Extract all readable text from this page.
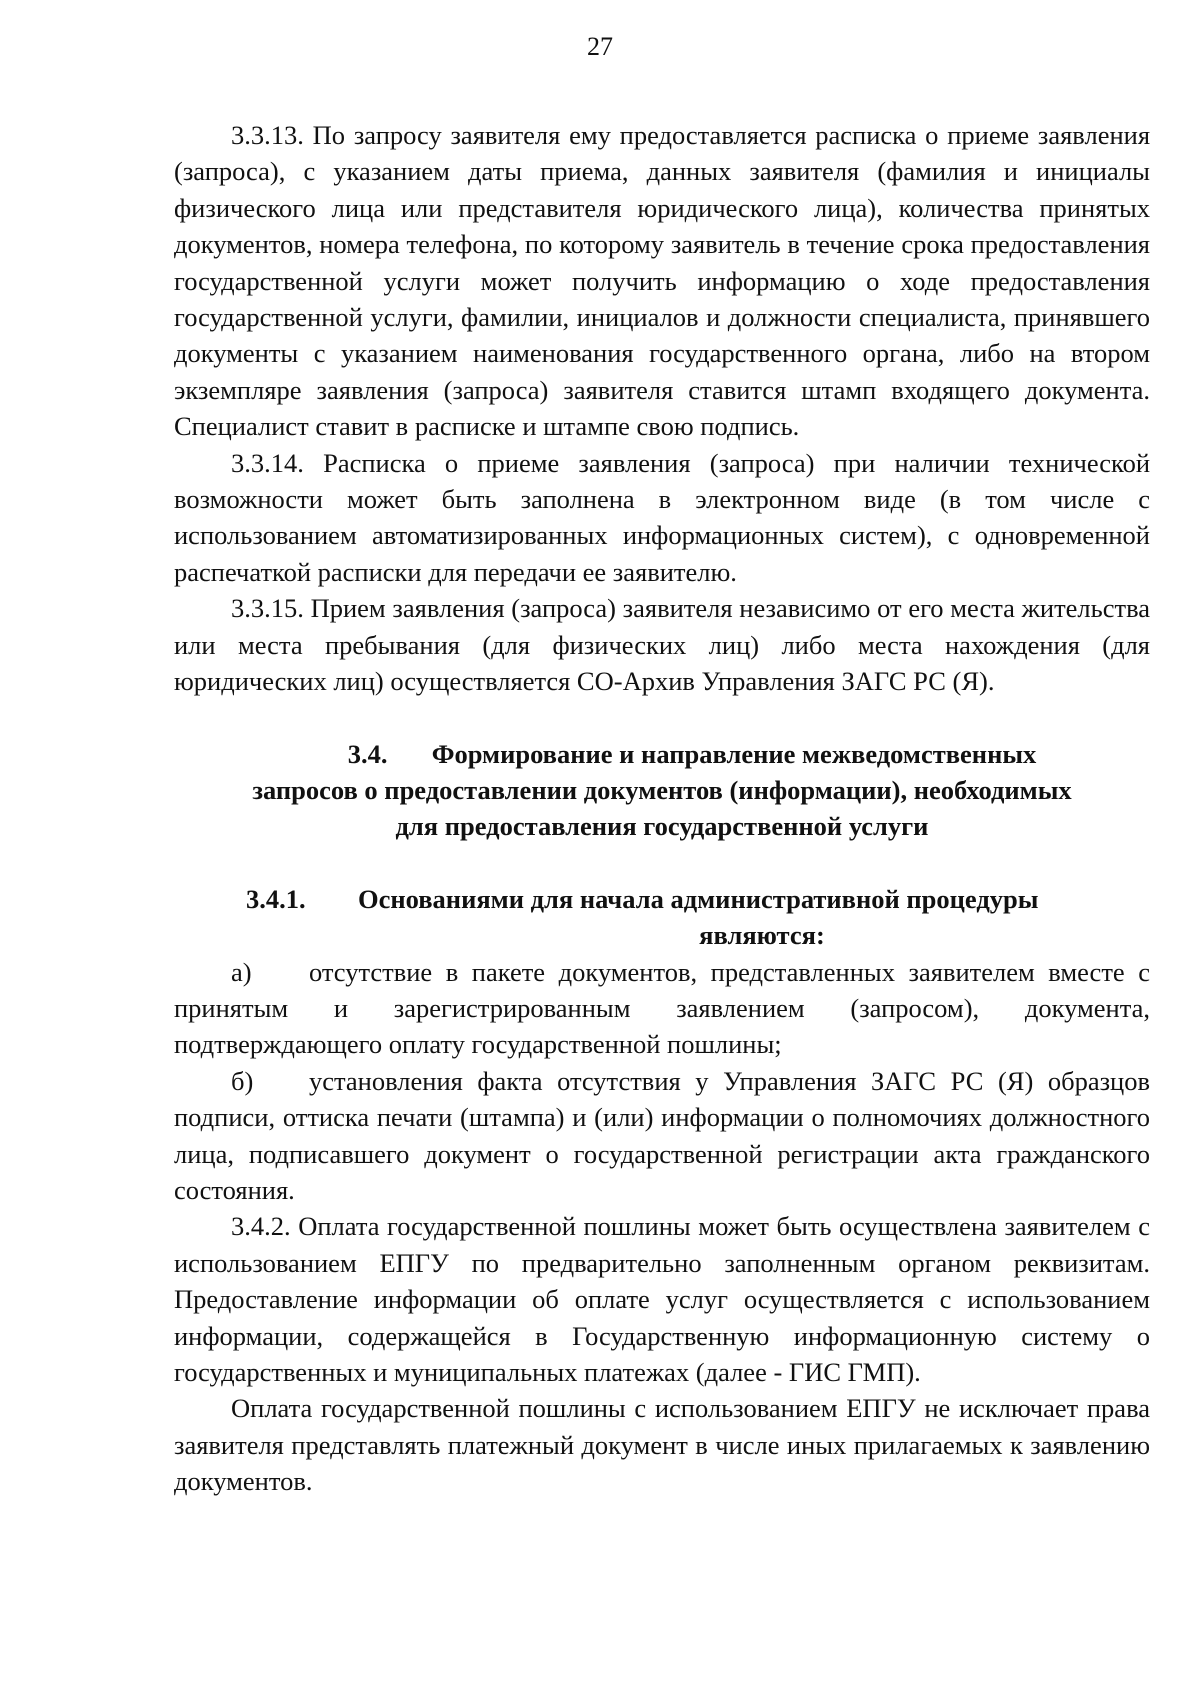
27

3.3.13. По запросу заявителя ему предоставляется расписка о приеме заявления (запроса), с указанием даты приема, данных заявителя (фамилия и инициалы физического лица или представителя юридического лица), количества принятых документов, номера телефона, по которому заявитель в течение срока предоставления государственной услуги может получить информацию о ходе предоставления государственной услуги, фамилии, инициалов и должности специалиста, принявшего документы с указанием наименования государственного органа, либо на втором экземпляре заявления (запроса) заявителя ставится штамп входящего документа. Специалист ставит в расписке и штампе свою подпись.

3.3.14. Расписка о приеме заявления (запроса) при наличии технической возможности может быть заполнена в электронном виде (в том числе с использованием автоматизированных информационных систем), с одновременной распечаткой расписки для передачи ее заявителю.

3.3.15. Прием заявления (запроса) заявителя независимо от его места жительства или места пребывания (для физических лиц) либо места нахождения (для юридических лиц) осуществляется СО-Архив Управления ЗАГС РС (Я).

3.4. Формирование и направление межведомственных
запросов о предоставлении документов (информации), необходимых
для предоставления государственной услуги
3.4.1. Основаниями для начала административной процедуры
являются:

а) отсутствие в пакете документов, представленных заявителем вместе с принятым и зарегистрированным заявлением (запросом), документа, подтверждающего оплату государственной пошлины;

б) установления факта отсутствия у Управления ЗАГС РС (Я) образцов подписи, оттиска печати (штампа) и (или) информации о полномочиях должностного лица, подписавшего документ о государственной регистрации акта гражданского состояния.

3.4.2. Оплата государственной пошлины может быть осуществлена заявителем с использованием ЕПГУ по предварительно заполненным органом реквизитам. Предоставление информации об оплате услуг осуществляется с использованием информации, содержащейся в Государственную информационную систему о государственных и муниципальных платежах (далее - ГИС ГМП).

Оплата государственной пошлины с использованием ЕПГУ не исключает права заявителя представлять платежный документ в числе иных прилагаемых к заявлению документов.
